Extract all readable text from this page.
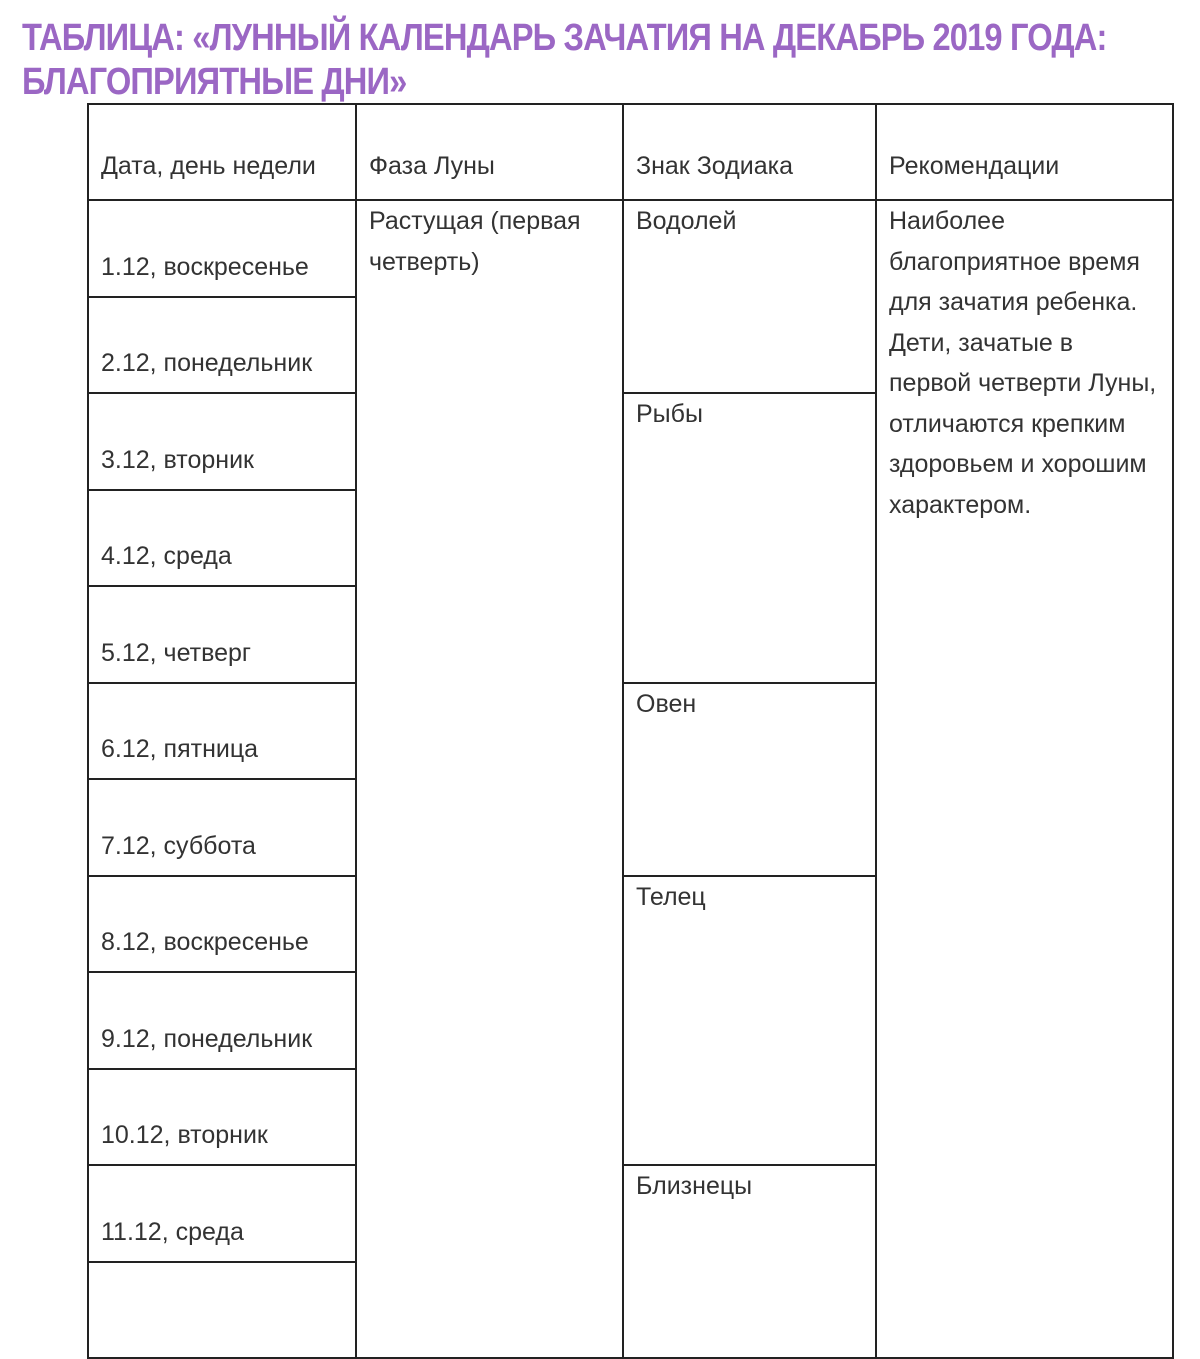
ТАБЛИЦА: «ЛУННЫЙ КАЛЕНДАРЬ ЗАЧАТИЯ НА ДЕКАБРЬ 2019 ГОДА:
БЛАГОПРИЯТНЫЕ ДНИ»
Дата, день недели	Фаза Луны	Знак Зодиака	Рекомендации
1.12, воскресенье	Растущая (первая четверть)	Водолей	Наиболее благоприятное время для зачатия ребенка. Дети, зачатые в первой четверти Луны, отличаются крепким здоровьем и хорошим характером.
2.12, понедельник			
3.12, вторник		Рыбы	
4.12, среда			
5.12, четверг			
6.12, пятница		Овен	
7.12, суббота			
8.12, воскресенье		Телец	
9.12, понедельник			
10.12, вторник			
11.12, среда		Близнецы	
